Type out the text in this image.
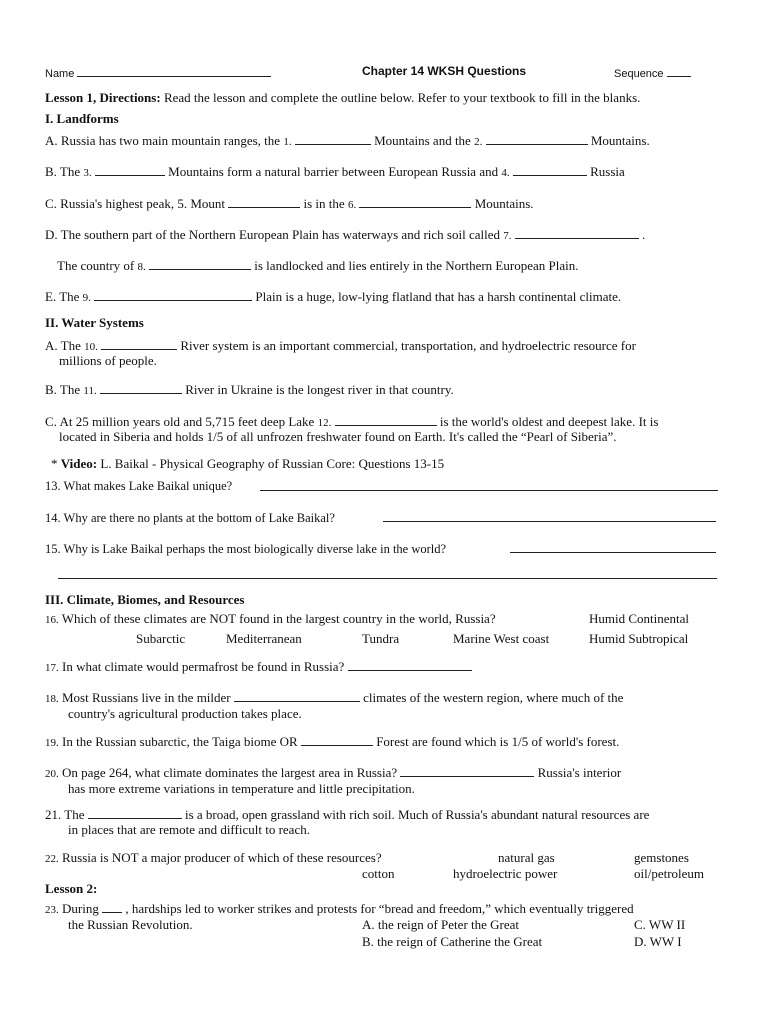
Name	Chapter 14 WKSH Questions	Sequence
Lesson 1, Directions: Read the lesson and complete the outline below. Refer to your textbook to fill in the blanks.
I. Landforms
A. Russia has two main mountain ranges, the 1.	Mountains and the 2.	Mountains.
B. The 3.	Mountains form a natural barrier between European Russia and 4.	Russia
C. Russia's highest peak, 5. Mount	is in the 6.	Mountains.
D. The southern part of the Northern European Plain has waterways and rich soil called 7.	.
The country of 8.	is landlocked and lies entirely in the Northern European Plain.
E. The 9.	Plain is a huge, low-lying flatland that has a harsh continental climate.
II. Water Systems
A. The 10.	River system is an important commercial, transportation, and hydroelectric resource for
millions of people.
B. The 11.	River in Ukraine is the longest river in that country.
C. At 25 million years old and 5,715 feet deep Lake 12.	is the world's oldest and deepest lake. It is
located in Siberia and holds 1/5 of all unfrozen freshwater found on Earth. It's called the “Pearl of Siberia”.
* Video: L. Baikal - Physical Geography of Russian Core: Questions 13-15
13. What makes Lake Baikal unique?
14. Why are there no plants at the bottom of Lake Baikal?
15. Why is Lake Baikal perhaps the most biologically diverse lake in the world?
III. Climate, Biomes, and Resources
16. Which of these climates are NOT found in the largest country in the world, Russia?	Humid Continental
Subarctic	Mediterranean	Tundra	Marine West coast	Humid Subtropical
17. In what climate would permafrost be found in Russia?
18. Most Russians live in the milder	climates of the western region, where much of the
country's agricultural production takes place.
19. In the Russian subarctic, the Taiga biome OR	Forest are found which is 1/5 of world's forest.
20. On page 264, what climate dominates the largest area in Russia?	Russia's interior
has more extreme variations in temperature and little precipitation.
21. The	is a broad, open grassland with rich soil. Much of Russia's abundant natural resources are
in places that are remote and difficult to reach.
22. Russia is NOT a major producer of which of these resources?	natural gas	gemstones
cotton	hydroelectric power	oil/petroleum
Lesson 2:
23. During  , hardships led to worker strikes and protests for “bread and freedom,” which eventually triggered
the Russian Revolution.	A. the reign of Peter the Great	C. WW II
B. the reign of Catherine the Great	D. WW I
